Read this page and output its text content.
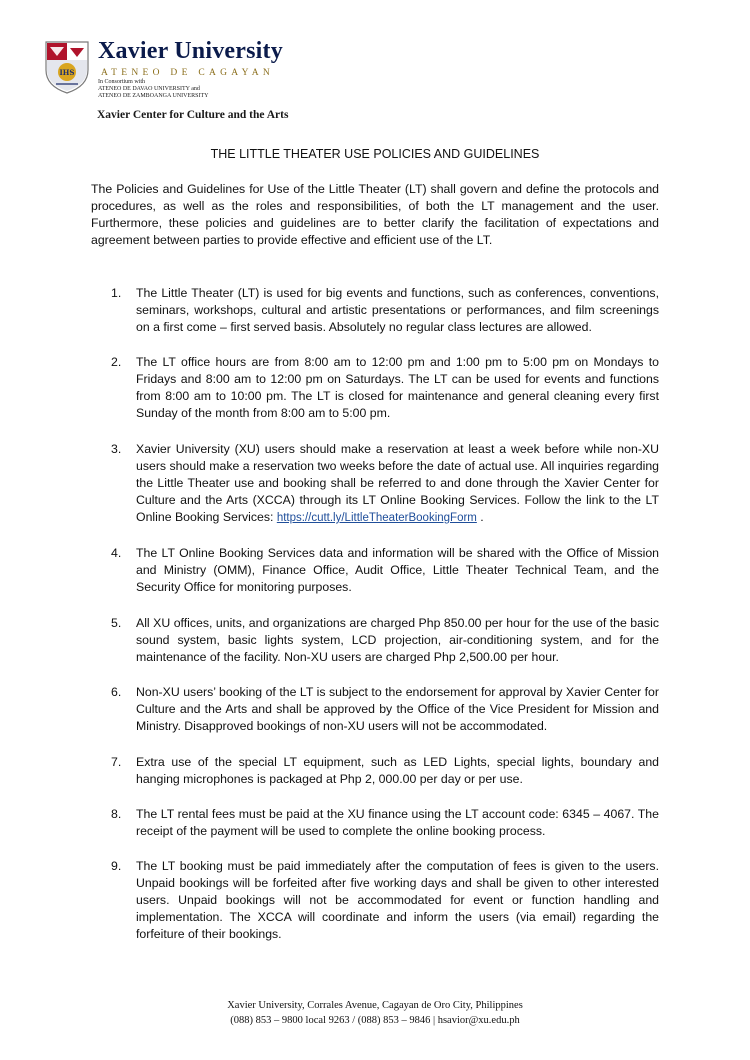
IHS
Xavier University
ATENEO DE CAGAYAN
In Consortium with
ATENEO DE DAVAO UNIVERSITY and
ATENEO DE ZAMBOANGA UNIVERSITY
Xavier Center for Culture and the Arts
THE LITTLE THEATER USE POLICIES AND GUIDELINES
The Policies and Guidelines for Use of the Little Theater (LT) shall govern and define the protocols and procedures, as well as the roles and responsibilities, of both the LT management and the user. Furthermore, these policies and guidelines are to better clarify the facilitation of expectations and agreement between parties to provide effective and efficient use of the LT.
1. The Little Theater (LT) is used for big events and functions, such as conferences, conventions, seminars, workshops, cultural and artistic presentations or performances, and film screenings on a first come – first served basis. Absolutely no regular class lectures are allowed.
2. The LT office hours are from 8:00 am to 12:00 pm and 1:00 pm to 5:00 pm on Mondays to Fridays and 8:00 am to 12:00 pm on Saturdays. The LT can be used for events and functions from 8:00 am to 10:00 pm. The LT is closed for maintenance and general cleaning every first Sunday of the month from 8:00 am to 5:00 pm.
3. Xavier University (XU) users should make a reservation at least a week before while non-XU users should make a reservation two weeks before the date of actual use. All inquiries regarding the Little Theater use and booking shall be referred to and done through the Xavier Center for Culture and the Arts (XCCA) through its LT Online Booking Services. Follow the link to the LT Online Booking Services: https://cutt.ly/LittleTheaterBookingForm .
4. The LT Online Booking Services data and information will be shared with the Office of Mission and Ministry (OMM), Finance Office, Audit Office, Little Theater Technical Team, and the Security Office for monitoring purposes.
5. All XU offices, units, and organizations are charged Php 850.00 per hour for the use of the basic sound system, basic lights system, LCD projection, air-conditioning system, and for the maintenance of the facility. Non-XU users are charged Php 2,500.00 per hour.
6. Non-XU users’ booking of the LT is subject to the endorsement for approval by Xavier Center for Culture and the Arts and shall be approved by the Office of the Vice President for Mission and Ministry. Disapproved bookings of non-XU users will not be accommodated.
7. Extra use of the special LT equipment, such as LED Lights, special lights, boundary and hanging microphones is packaged at Php 2, 000.00 per day or per use.
8. The LT rental fees must be paid at the XU finance using the LT account code: 6345 – 4067. The receipt of the payment will be used to complete the online booking process.
9. The LT booking must be paid immediately after the computation of fees is given to the users. Unpaid bookings will be forfeited after five working days and shall be given to other interested users. Unpaid bookings will not be accommodated for event or function handling and implementation. The XCCA will coordinate and inform the users (via email) regarding the forfeiture of their bookings.
Xavier University, Corrales Avenue, Cagayan de Oro City, Philippines
(088) 853 – 9800 local 9263 / (088) 853 – 9846 | hsavior@xu.edu.ph
